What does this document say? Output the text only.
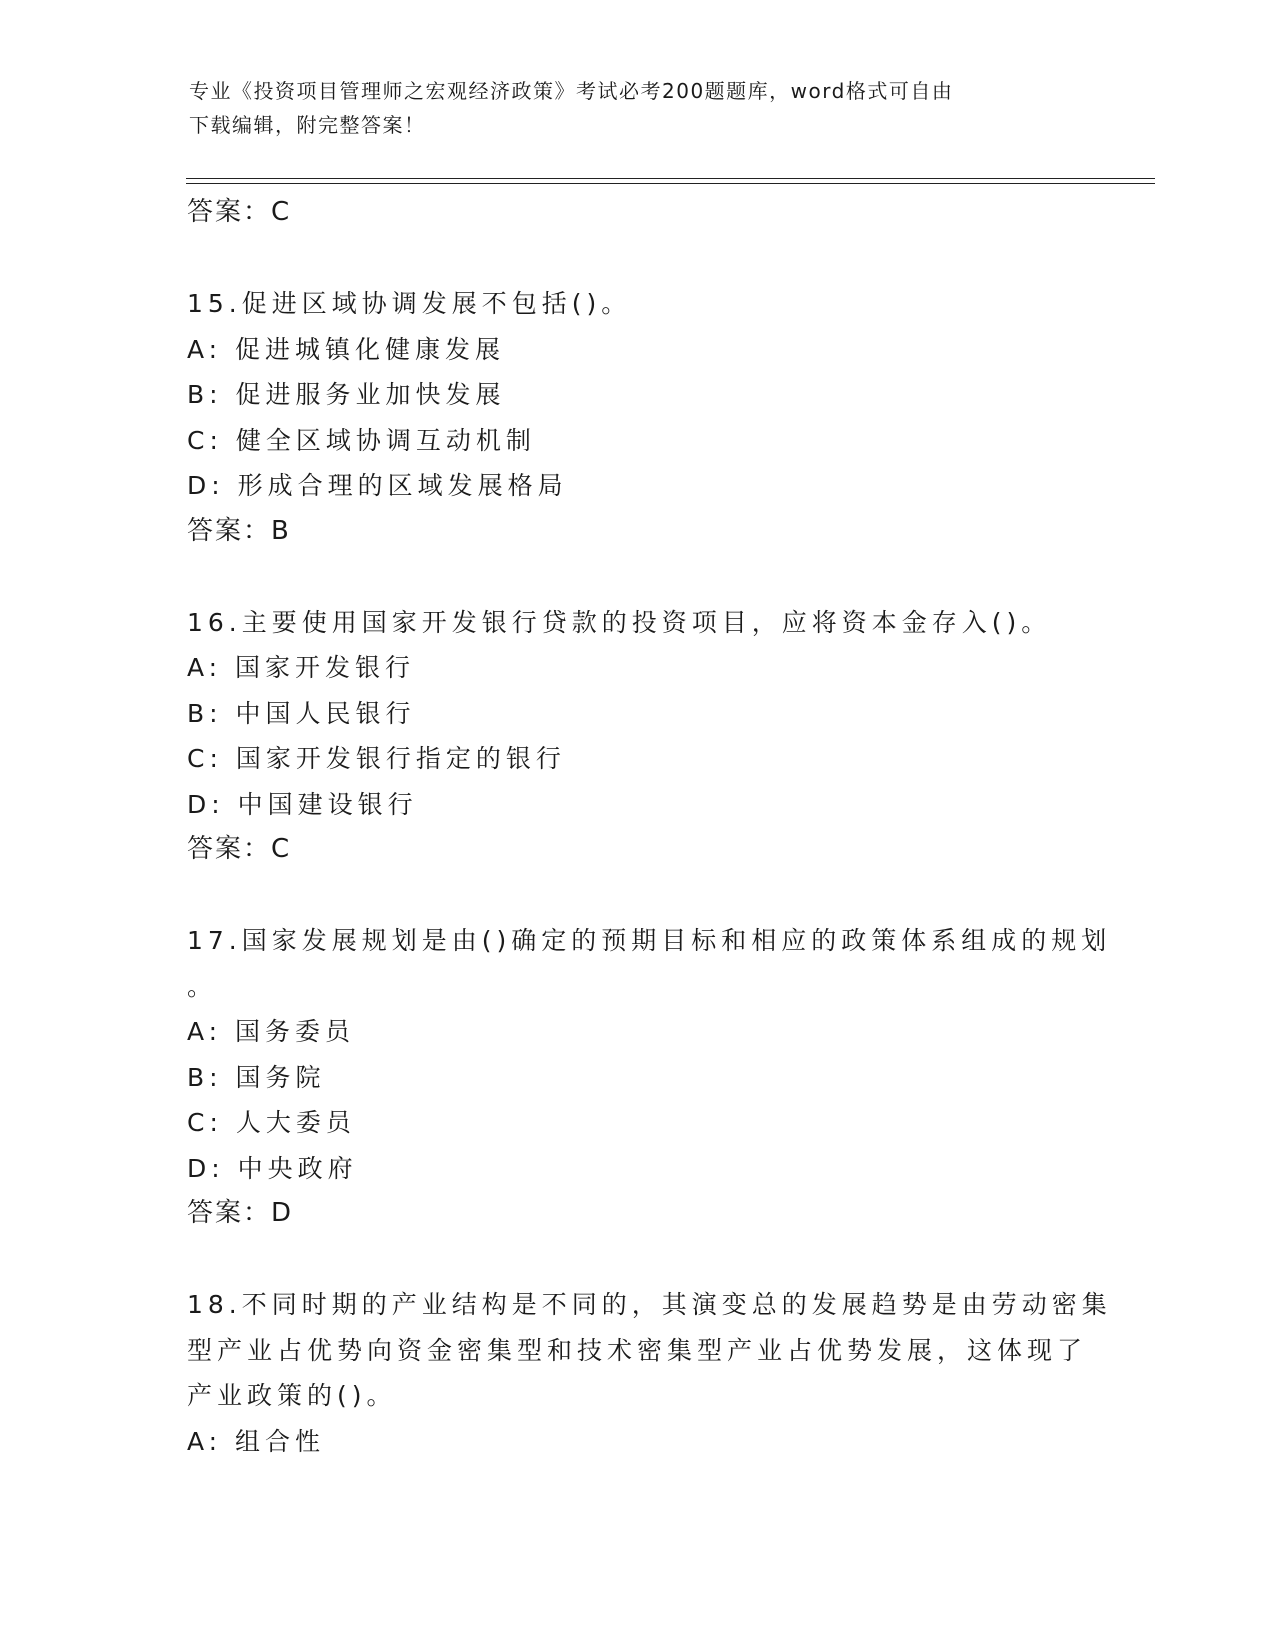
专业《投资项目管理师之宏观经济政策》考试必考200题题库，word格式可自由
下载编辑，附完整答案！
答案：C
15.促进区域协调发展不包括()。
A: 促进城镇化健康发展
B: 促进服务业加快发展
C: 健全区域协调互动机制
D: 形成合理的区域发展格局
答案：B
16.主要使用国家开发银行贷款的投资项目，应将资本金存入()。
A: 国家开发银行
B: 中国人民银行
C: 国家开发银行指定的银行
D: 中国建设银行
答案：C
17.国家发展规划是由()确定的预期目标和相应的政策体系组成的规划
。
A: 国务委员
B: 国务院
C: 人大委员
D: 中央政府
答案：D
18.不同时期的产业结构是不同的，其演变总的发展趋势是由劳动密集
型产业占优势向资金密集型和技术密集型产业占优势发展，这体现了
产业政策的()。
A: 组合性
